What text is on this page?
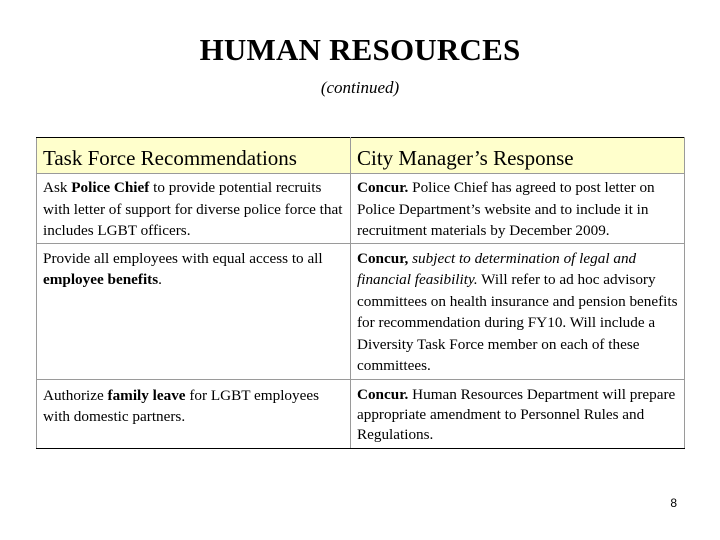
HUMAN RESOURCES
(continued)
Task Force Recommendations	City Manager’s Response
Ask Police Chief to provide potential recruits with letter of support for diverse police force that includes LGBT officers.	Concur. Police Chief has agreed to post letter on Police Department’s website and to include it in recruitment materials by December 2009.
Provide all employees with equal access to all employee benefits.	Concur, subject to determination of legal and financial feasibility. Will refer to ad hoc advisory committees on health insurance and pension benefits for recommendation during FY10. Will include a Diversity Task Force member on each of these committees.
Authorize family leave for LGBT employees with domestic partners.	Concur. Human Resources Department will prepare appropriate amendment to Personnel Rules and Regulations.
8
